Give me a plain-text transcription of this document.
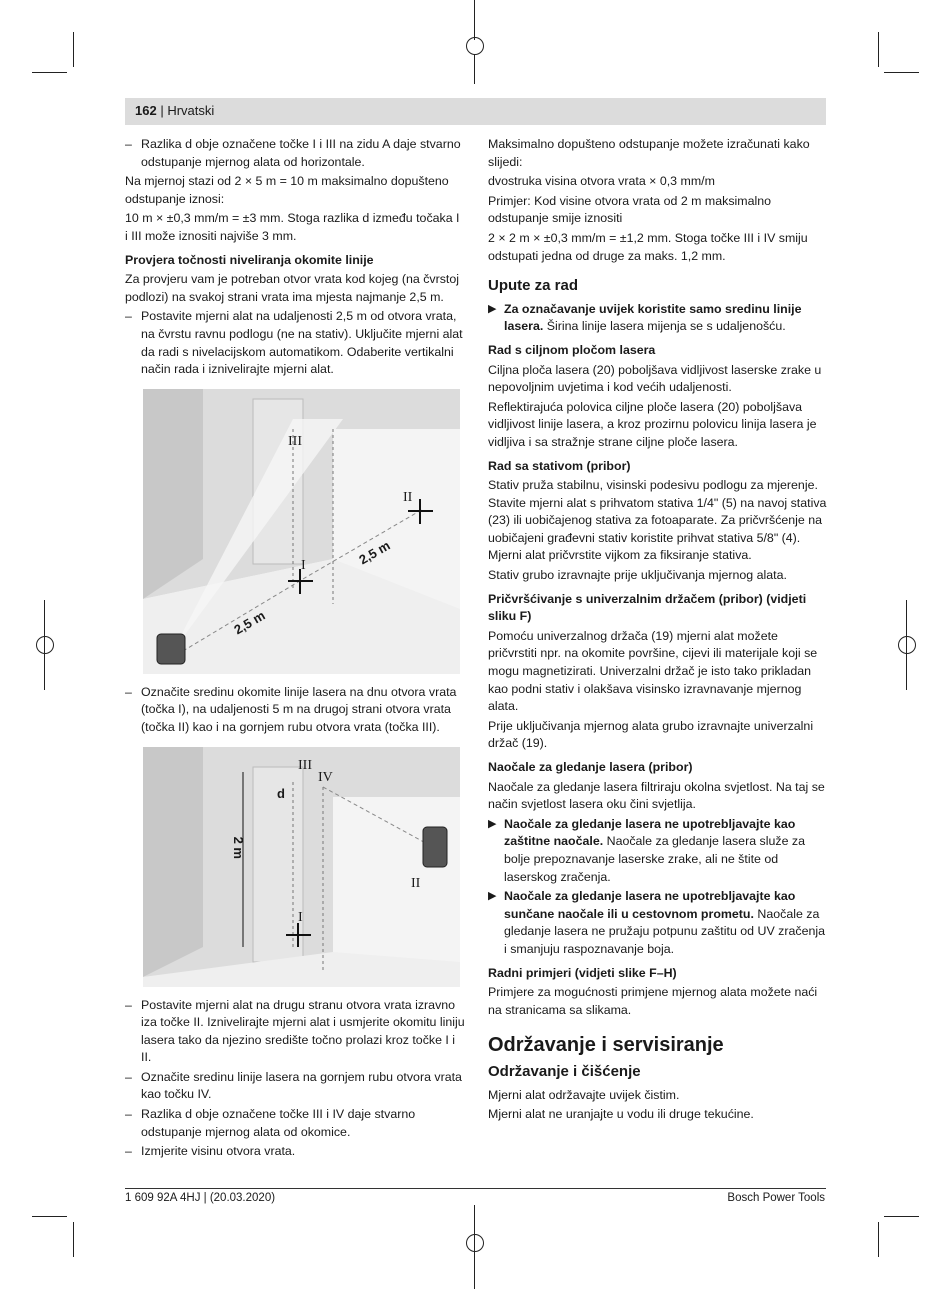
162 | Hrvatski

– Razlika d obje označene točke I i III na zidu A daje stvarno odstupanje mjernog alata od horizontale.

Na mjernoj stazi od 2 × 5 m = 10 m maksimalno dopušteno odstupanje iznosi:

10 m × ±0,3 mm/m = ±3 mm. Stoga razlika d između točaka I i III može iznositi najviše 3 mm.

Provjera točnosti niveliranja okomite linije

Za provjeru vam je potreban otvor vrata kod kojeg (na čvrstoj podlozi) na svakoj strani vrata ima mjesta najmanje 2,5 m.

– Postavite mjerni alat na udaljenosti 2,5 m od otvora vrata, na čvrstu ravnu podlogu (ne na stativ). Uključite mjerni alat da radi s nivelacijskom automatikom. Odaberite vertikalni način rada i iznivelirajte mjerni alat.

III
II
I
2,5 m
2,5 m

– Označite sredinu okomite linije lasera na dnu otvora vrata (točka I), na udaljenosti 5 m na drugoj strani otvora vrata (točka II) kao i na gornjem rubu otvora vrata (točka III).

III
IV
d
2 m
II
I

– Postavite mjerni alat na drugu stranu otvora vrata izravno iza točke II. Iznivelirajte mjerni alat i usmjerite okomitu liniju lasera tako da njezino središte točno prolazi kroz točke I i II.

– Označite sredinu linije lasera na gornjem rubu otvora vrata kao točku IV.

– Razlika d obje označene točke III i IV daje stvarno odstupanje mjernog alata od okomice.

– Izmjerite visinu otvora vrata.

Maksimalno dopušteno odstupanje možete izračunati kako slijedi:

dvostruka visina otvora vrata × 0,3 mm/m

Primjer: Kod visine otvora vrata od 2 m maksimalno odstupanje smije iznositi

2 × 2 m × ±0,3 mm/m = ±1,2 mm. Stoga točke III i IV smiju odstupati jedna od druge za maks. 1,2 mm.

Upute za rad

▶ Za označavanje uvijek koristite samo sredinu linije lasera. Širina linije lasera mijenja se s udaljenošću.

Rad s ciljnom pločom lasera

Ciljna ploča lasera (20) poboljšava vidljivost laserske zrake u nepovoljnim uvjetima i kod većih udaljenosti.

Reflektirajuća polovica ciljne ploče lasera (20) poboljšava vidljivost linije lasera, a kroz prozirnu polovicu linija lasera je vidljiva i sa stražnje strane ciljne ploče lasera.

Rad sa stativom (pribor)

Stativ pruža stabilnu, visinski podesivu podlogu za mjerenje. Stavite mjerni alat s prihvatom stativa 1/4" (5) na navoj stativa (23) ili uobičajenog stativa za fotoaparate. Za pričvršćenje na uobičajeni građevni stativ koristite prihvat stativa 5/8" (4). Mjerni alat pričvrstite vijkom za fiksiranje stativa.

Stativ grubo izravnajte prije uključivanja mjernog alata.

Pričvršćivanje s univerzalnim držačem (pribor) (vidjeti sliku F)

Pomoću univerzalnog držača (19) mjerni alat možete pričvrstiti npr. na okomite površine, cijevi ili materijale koji se mogu magnetizirati. Univerzalni držač je isto tako prikladan kao podni stativ i olakšava visinsko izravnavanje mjernog alata.

Prije uključivanja mjernog alata grubo izravnajte univerzalni držač (19).

Naočale za gledanje lasera (pribor)

Naočale za gledanje lasera filtriraju okolna svjetlost. Na taj se način svjetlost lasera oku čini svjetlija.

▶ Naočale za gledanje lasera ne upotrebljavajte kao zaštitne naočale. Naočale za gledanje lasera služe za bolje prepoznavanje laserske zrake, ali ne štite od laserskog zračenja.

▶ Naočale za gledanje lasera ne upotrebljavajte kao sunčane naočale ili u cestovnom prometu. Naočale za gledanje lasera ne pružaju potpunu zaštitu od UV zračenja i smanjuju raspoznavanje boja.

Radni primjeri (vidjeti slike F–H)

Primjere za mogućnosti primjene mjernog alata možete naći na stranicama sa slikama.

Održavanje i servisiranje
Održavanje i čišćenje

Mjerni alat održavajte uvijek čistim.

Mjerni alat ne uranjajte u vodu ili druge tekućine.

1 609 92A 4HJ | (20.03.2020)	Bosch Power Tools
